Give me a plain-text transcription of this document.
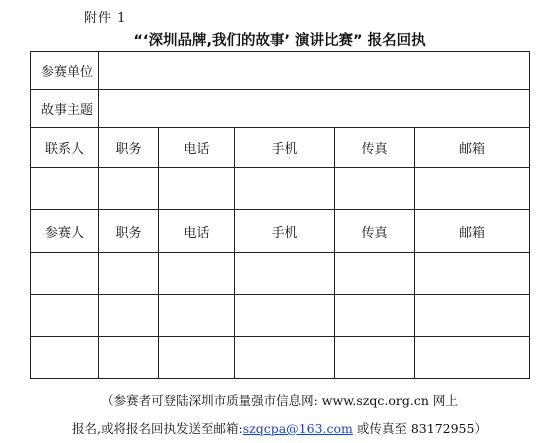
附件 1
“‘深圳品牌,我们的故事’ 演讲比赛” 报名回执
参赛单位					
故事主题					
联系人	职务	电话	手机	传真	邮箱

参赛人	职务	电话	手机	传真	邮箱

（参赛者可登陆深圳市质量强市信息网: www.szqc.org.cn 网上
报名,或将报名回执发送至邮箱:szqcpa@163.com 或传真至 83172955）
